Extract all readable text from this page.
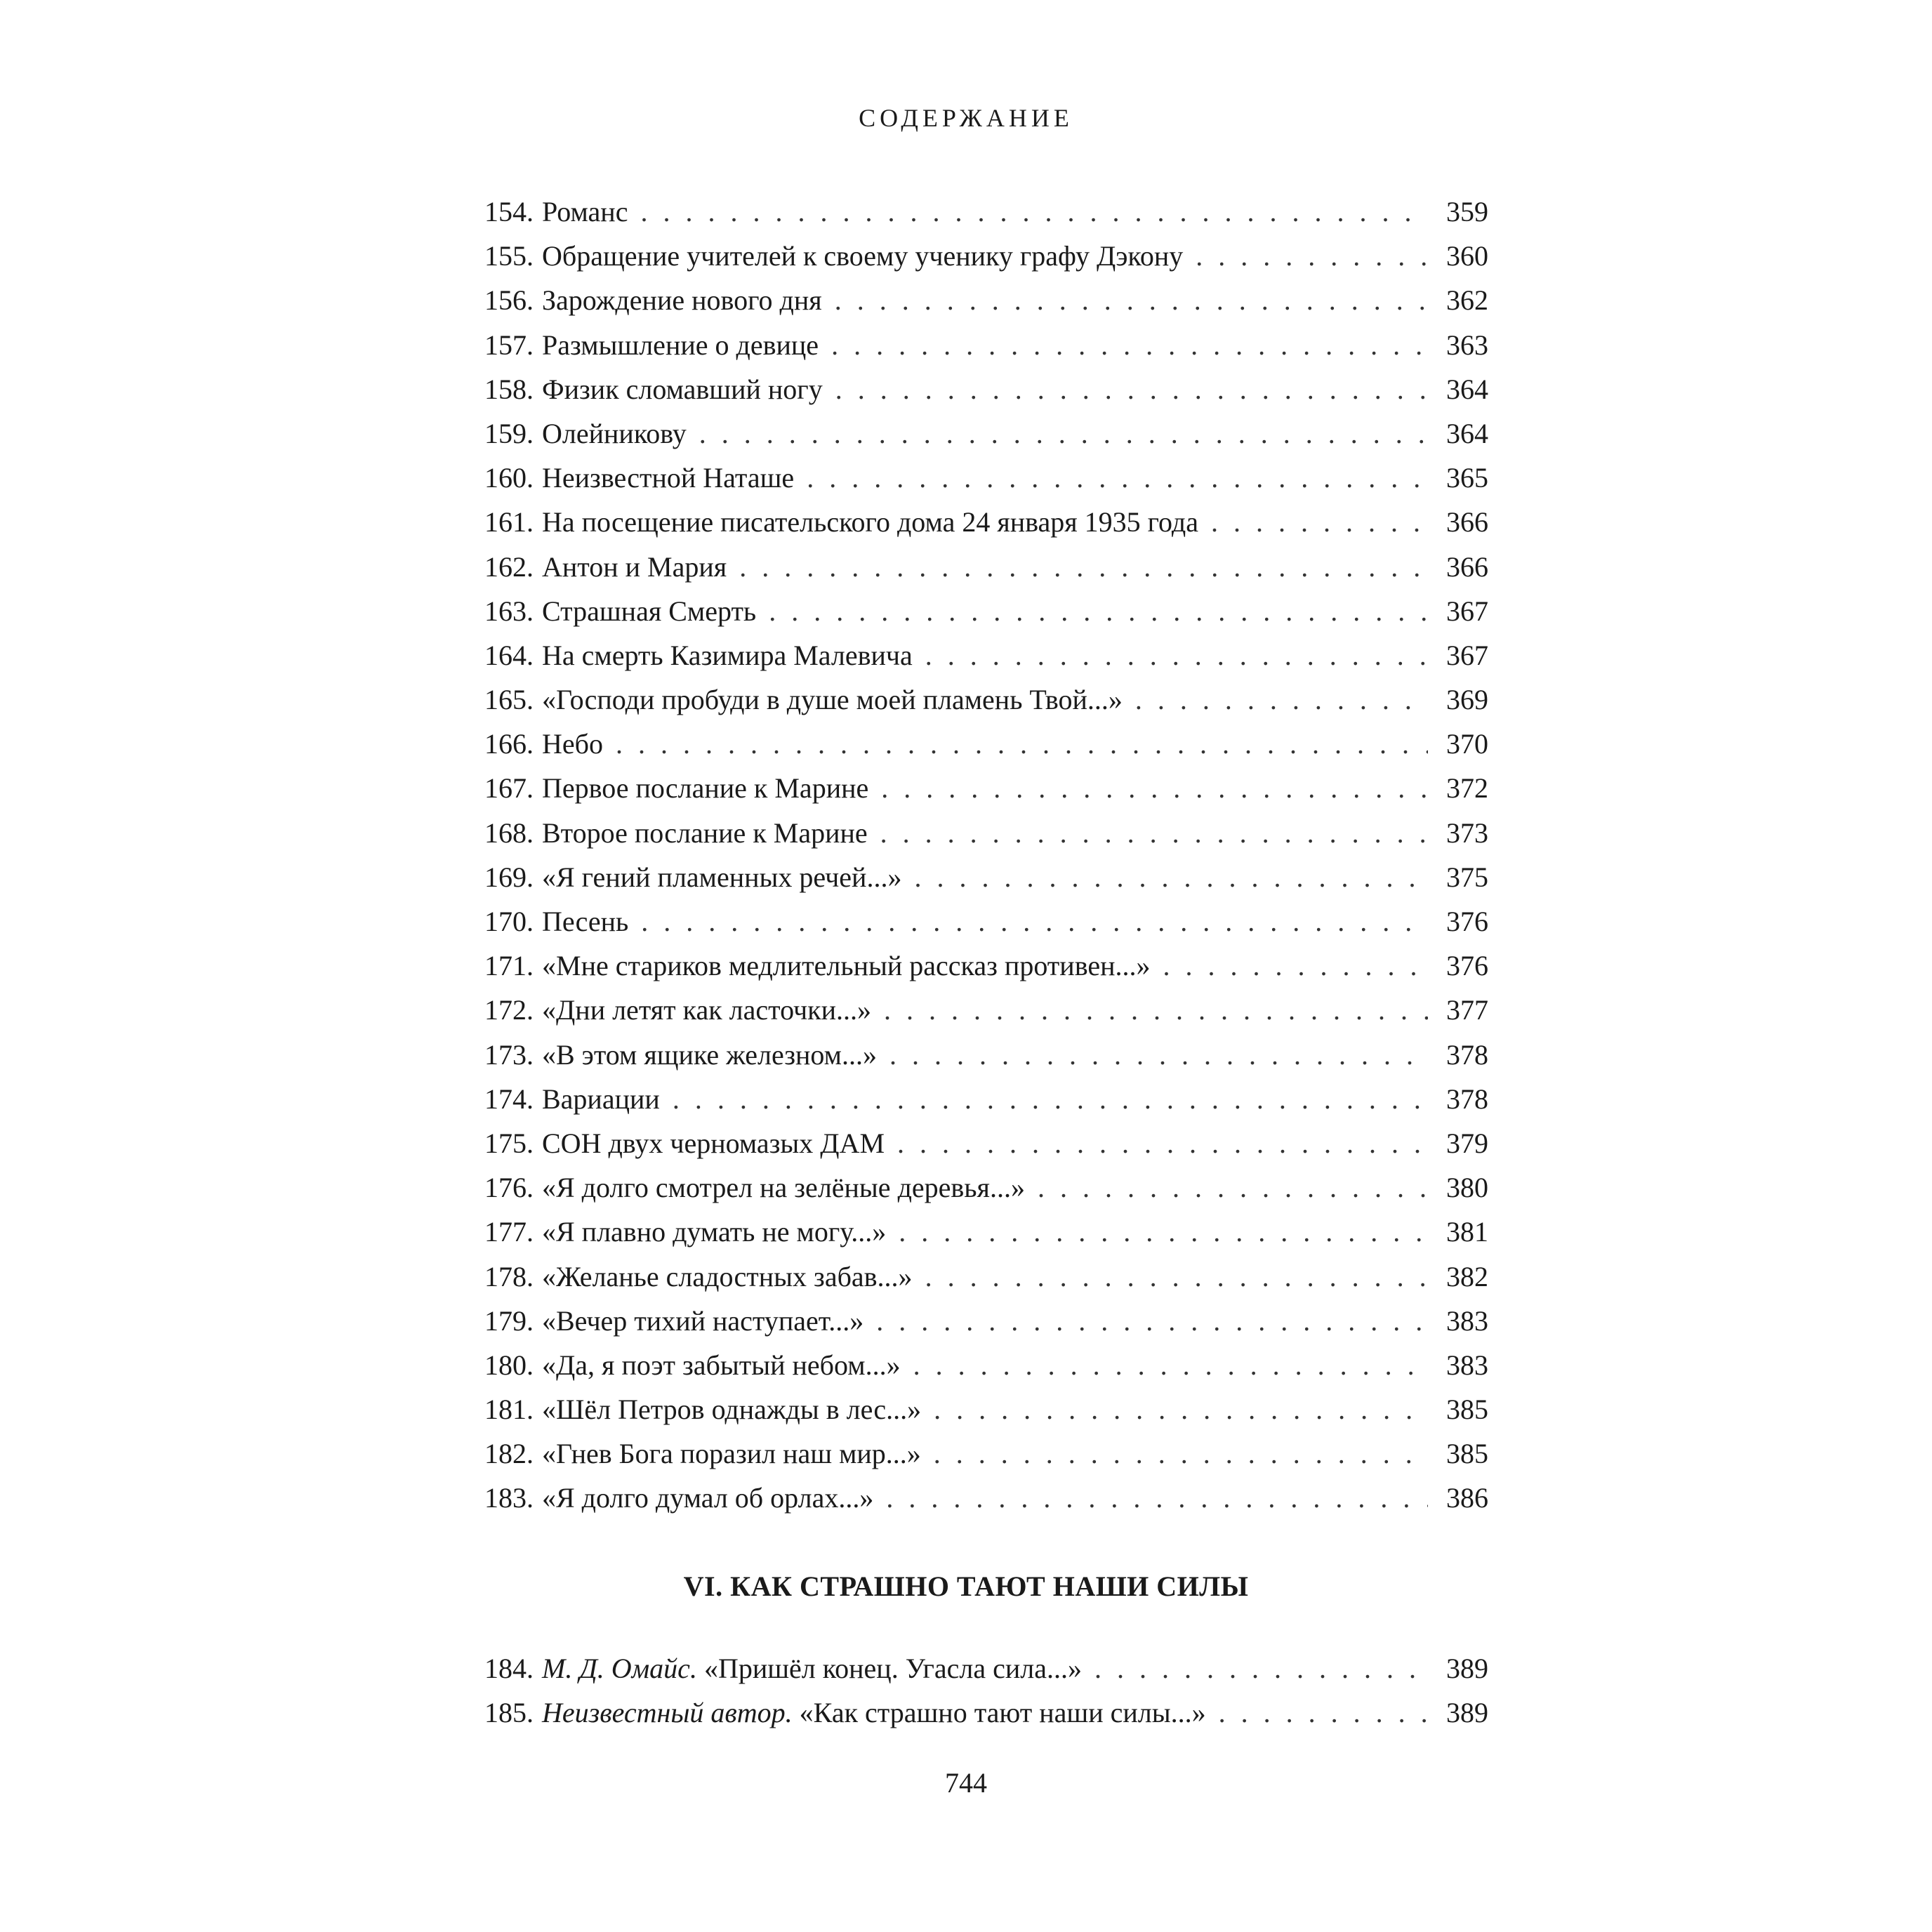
СОДЕРЖАНИЕ
154. Романс . . .	359
155. Обращение учителей к своему ученику графу Дэкону . . .	360
156. Зарождение нового дня . . .	362
157. Размышление о девице . . .	363
158. Физик сломавший ногу . . .	364
159. Олейникову . . .	364
160. Неизвестной Наташе . . .	365
161. На посещение писательского дома 24 января 1935 года . . .	366
162. Антон и Мария . . .	366
163. Страшная Смерть . . .	367
164. На смерть Казимира Малевича . . .	367
165. «Господи пробуди в душе моей пламень Твой...» . . .	369
166. Небо . . .	370
167. Первое послание к Марине . . .	372
168. Второе послание к Марине . . .	373
169. «Я гений пламенных речей...» . . .	375
170. Песень . . .	376
171. «Мне стариков медлительный рассказ противен...» . . .	376
172. «Дни летят как ласточки...» . . .	377
173. «В этом ящике железном...» . . .	378
174. Вариации . . .	378
175. СОН двух черномазых ДАМ . . .	379
176. «Я долго смотрел на зелёные деревья...» . . .	380
177. «Я плавно думать не могу...» . . .	381
178. «Желанье сладостных забав...» . . .	382
179. «Вечер тихий наступает...» . . .	383
180. «Да, я поэт забытый небом...» . . .	383
181. «Шёл Петров однажды в лес...» . . .	385
182. «Гнев Бога поразил наш мир...» . . .	385
183. «Я долго думал об орлах...» . . .	386
VI. КАК СТРАШНО ТАЮТ НАШИ СИЛЫ
184. М. Д. Омайс. «Пришёл конец. Угасла сила...» . . .	389
185. Неизвестный автор. «Как страшно тают наши силы...» . . .	389
744
